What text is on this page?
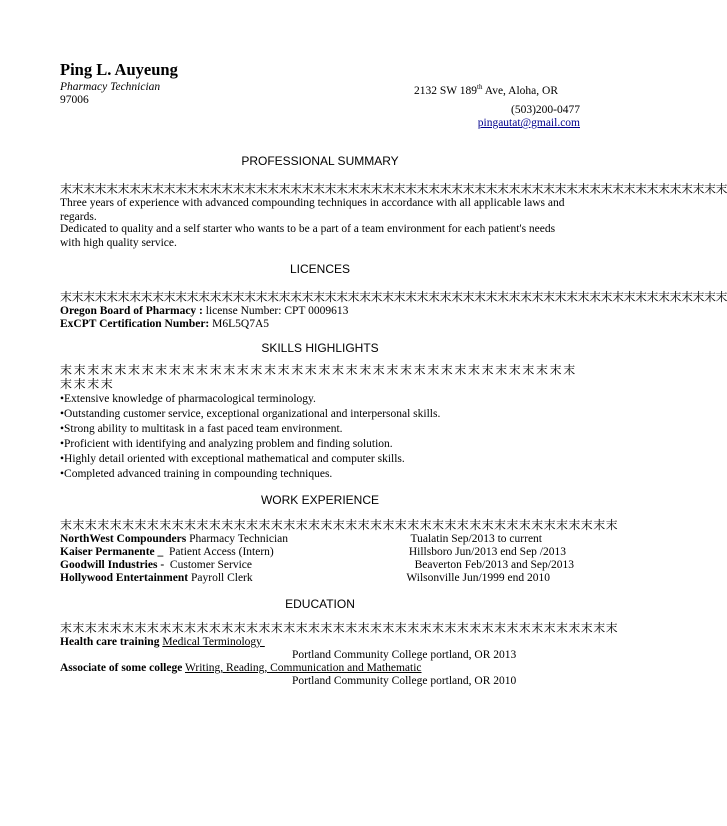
Ping L. Auyeung
Pharmacy Technician	2132 SW 189th Ave, Aloha, OR
97006
(503)200-0477
pingautat@gmail.com
PROFESSIONAL SUMMARY
末末末末末末末末末末末末末末末末末末末末末末末末末末末末末末末末末末末末末末末末末末末末末末末末末末末末末末末末末末
Three years of experience with advanced compounding techniques in accordance with all applicable laws and regards.
Dedicated to quality and a self starter who wants to be a part of a team environment for each patient's needs with high quality service.
LICENCES
末末末末末末末末末末末末末末末末末末末末末末末末末末末末末末末末末末末末末末末末末末末末末末末末末末末末末末末末末末
Oregon Board of Pharmacy : license Number: CPT 0009613
ExCPT Certification Number: M6L5Q7A5
SKILLS HIGHLIGHTS
末末末末末末末末末末末末末末末末末末末末末末末末末末末末末末末末末末末末末末
末末末末
•Extensive knowledge of pharmacological terminology.
•Outstanding customer service, exceptional organizational and interpersonal skills.
•Strong ability to multitask in a fast paced team environment.
•Proficient with identifying and analyzing problem and finding solution.
•Highly detail oriented with exceptional mathematical and computer skills.
•Completed advanced training in compounding techniques.
WORK EXPERIENCE
末末末末末末末末末末末末末末末末末末末末末末末末末末末末末末末末末末末末末末末末末末末末末
NorthWest Compounders Pharmacy Technician	Tualatin Sep/2013 to current
Kaiser Permanente _  Patient Access (Intern)	Hillsboro Jun/2013 end Sep /2013
Goodwill Industries -  Customer Service	Beaverton Feb/2013 and Sep/2013
Hollywood Entertainment Payroll Clerk	Wilsonville Jun/1999 end 2010
EDUCATION
末末末末末末末末末末末末末末末末末末末末末末末末末末末末末末末末末末末末末末末末末末末末末
Health care training Medical Terminology
Portland Community College portland, OR 2013
Associate of some college Writing, Reading, Communication and Mathematic
Portland Community College portland, OR 2010
